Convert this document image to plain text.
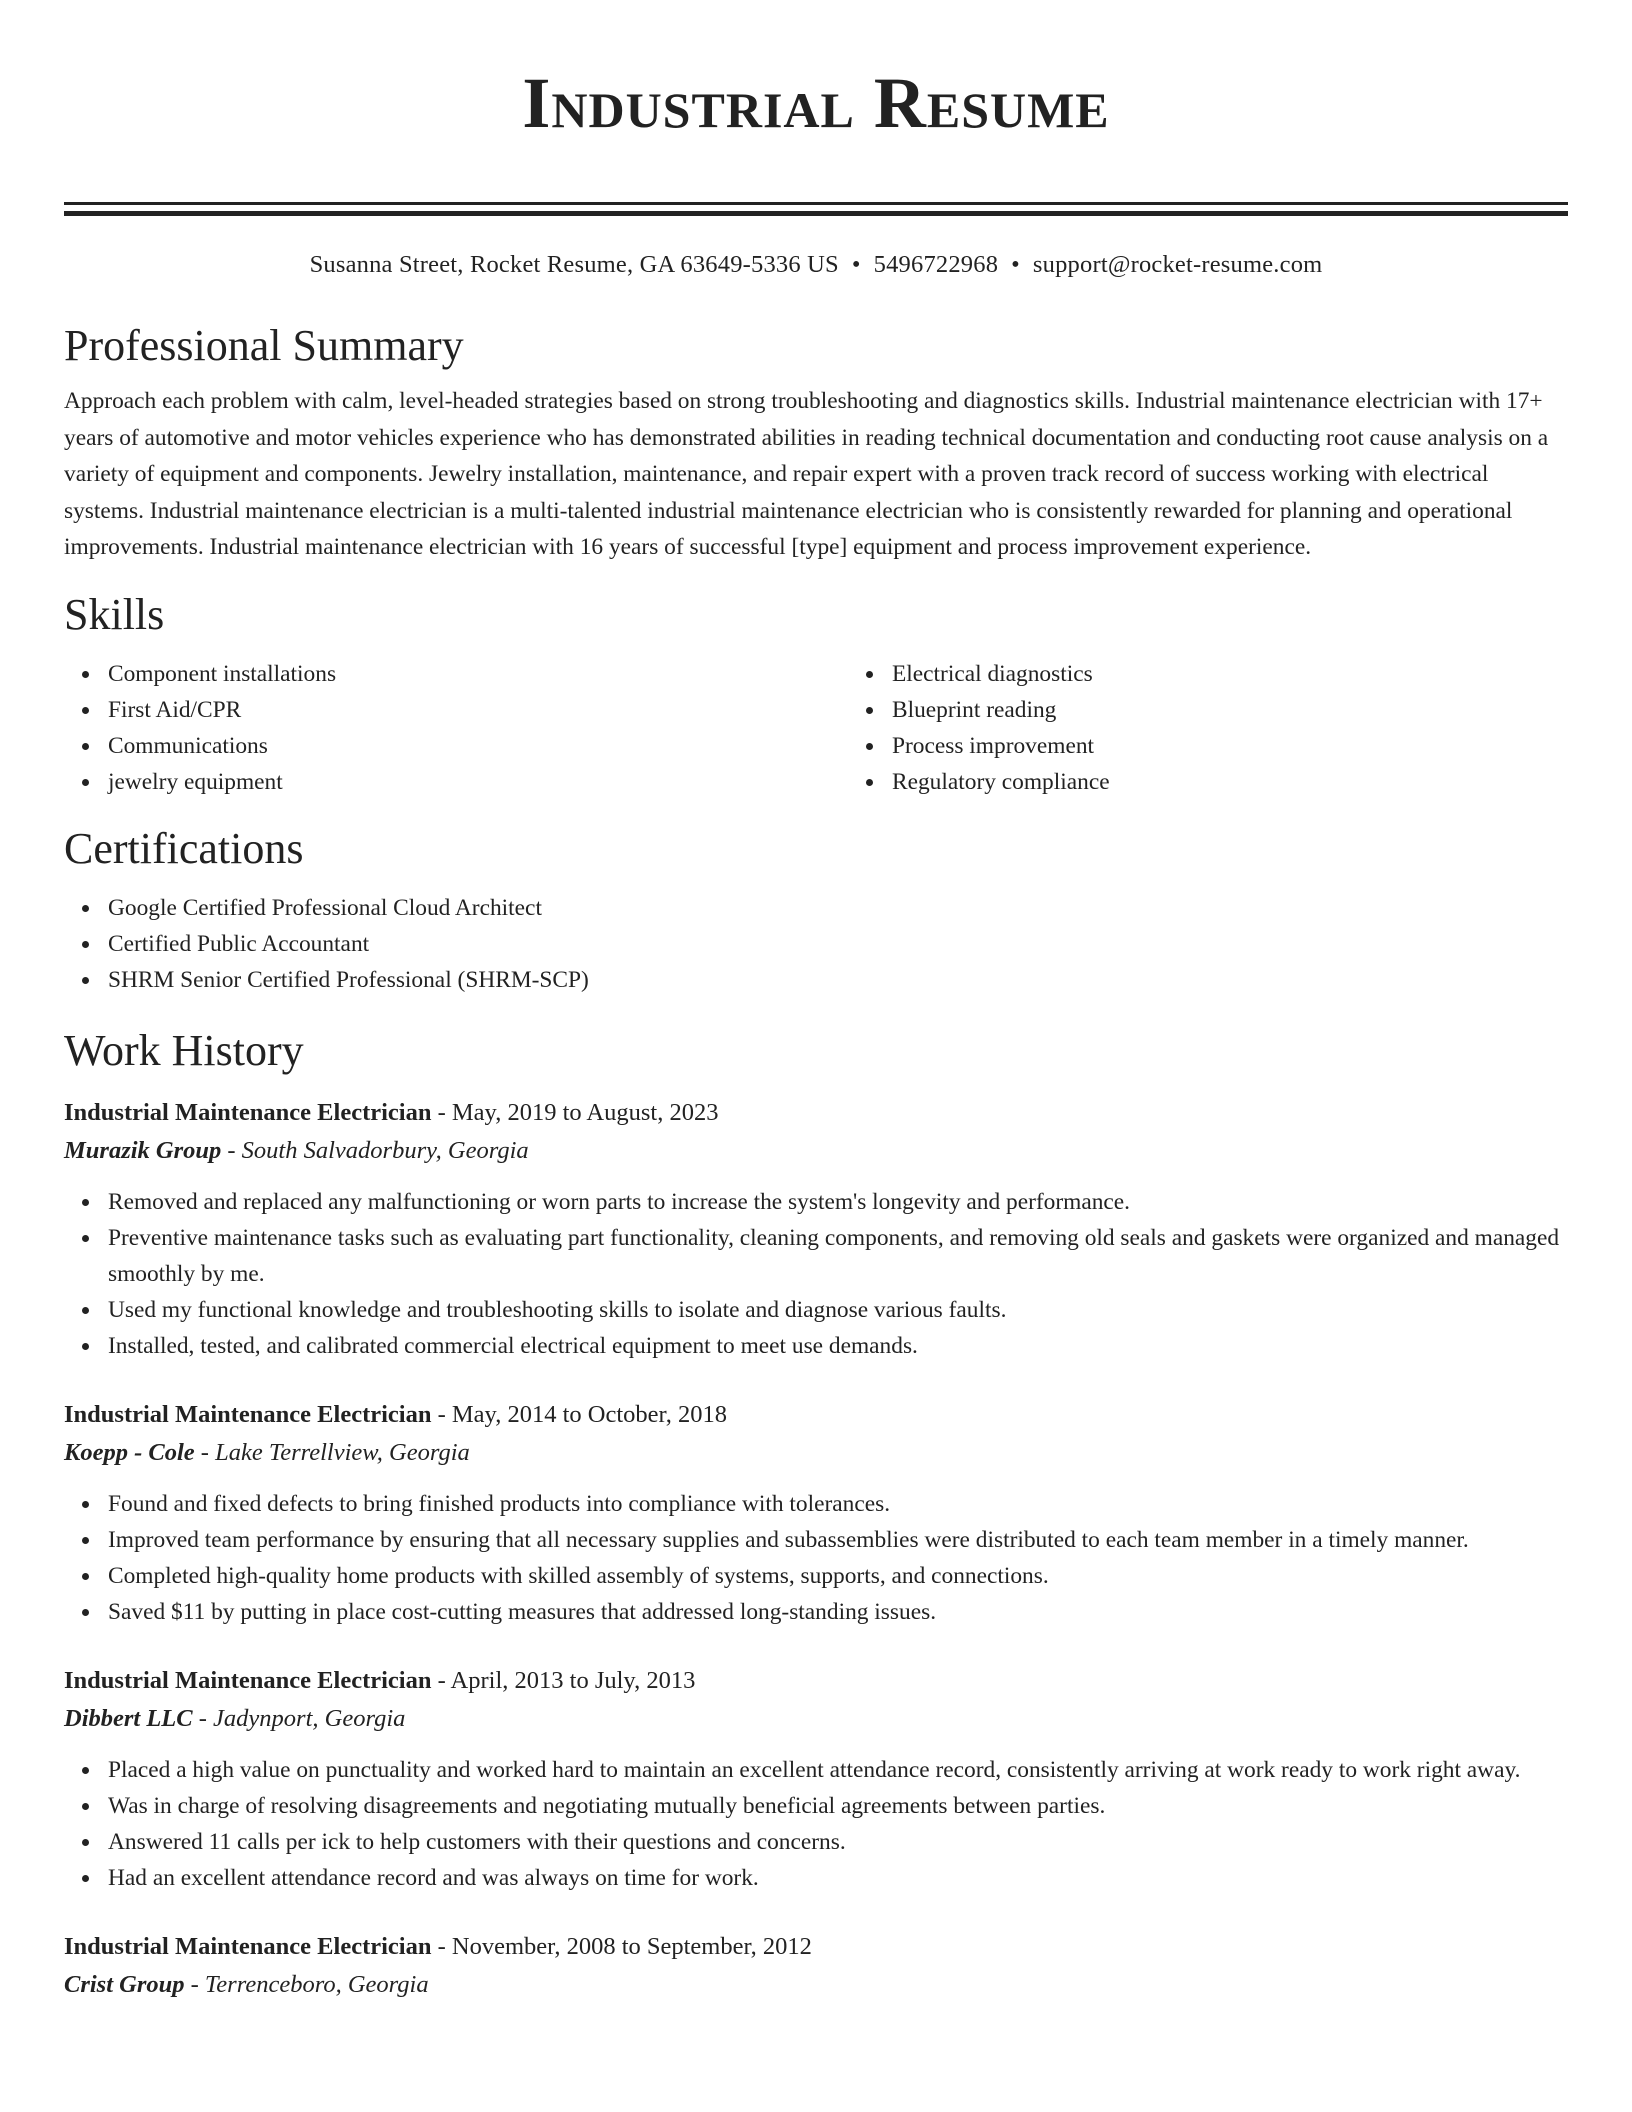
Industrial Resume
Susanna Street, Rocket Resume, GA 63649-5336 US • 5496722968 • support@rocket-resume.com
Professional Summary

Approach each problem with calm, level-headed strategies based on strong troubleshooting and diagnostics skills. Industrial maintenance electrician with 17+ years of automotive and motor vehicles experience who has demonstrated abilities in reading technical documentation and conducting root cause analysis on a variety of equipment and components. Jewelry installation, maintenance, and repair expert with a proven track record of success working with electrical systems. Industrial maintenance electrician is a multi-talented industrial maintenance electrician who is consistently rewarded for planning and operational improvements. Industrial maintenance electrician with 16 years of successful [type] equipment and process improvement experience.

Skills
Component installations
First Aid/CPR
Communications
jewelry equipment
Electrical diagnostics
Blueprint reading
Process improvement
Regulatory compliance
Certifications
Google Certified Professional Cloud Architect
Certified Public Accountant
SHRM Senior Certified Professional (SHRM-SCP)
Work History
Industrial Maintenance Electrician - May, 2019 to August, 2023
Murazik Group - South Salvadorbury, Georgia
Removed and replaced any malfunctioning or worn parts to increase the system's longevity and performance.
Preventive maintenance tasks such as evaluating part functionality, cleaning components, and removing old seals and gaskets were organized and managed smoothly by me.
Used my functional knowledge and troubleshooting skills to isolate and diagnose various faults.
Installed, tested, and calibrated commercial electrical equipment to meet use demands.
Industrial Maintenance Electrician - May, 2014 to October, 2018
Koepp - Cole - Lake Terrellview, Georgia
Found and fixed defects to bring finished products into compliance with tolerances.
Improved team performance by ensuring that all necessary supplies and subassemblies were distributed to each team member in a timely manner.
Completed high-quality home products with skilled assembly of systems, supports, and connections.
Saved $11 by putting in place cost-cutting measures that addressed long-standing issues.
Industrial Maintenance Electrician - April, 2013 to July, 2013
Dibbert LLC - Jadynport, Georgia
Placed a high value on punctuality and worked hard to maintain an excellent attendance record, consistently arriving at work ready to work right away.
Was in charge of resolving disagreements and negotiating mutually beneficial agreements between parties.
Answered 11 calls per ick to help customers with their questions and concerns.
Had an excellent attendance record and was always on time for work.
Industrial Maintenance Electrician - November, 2008 to September, 2012
Crist Group - Terrenceboro, Georgia
